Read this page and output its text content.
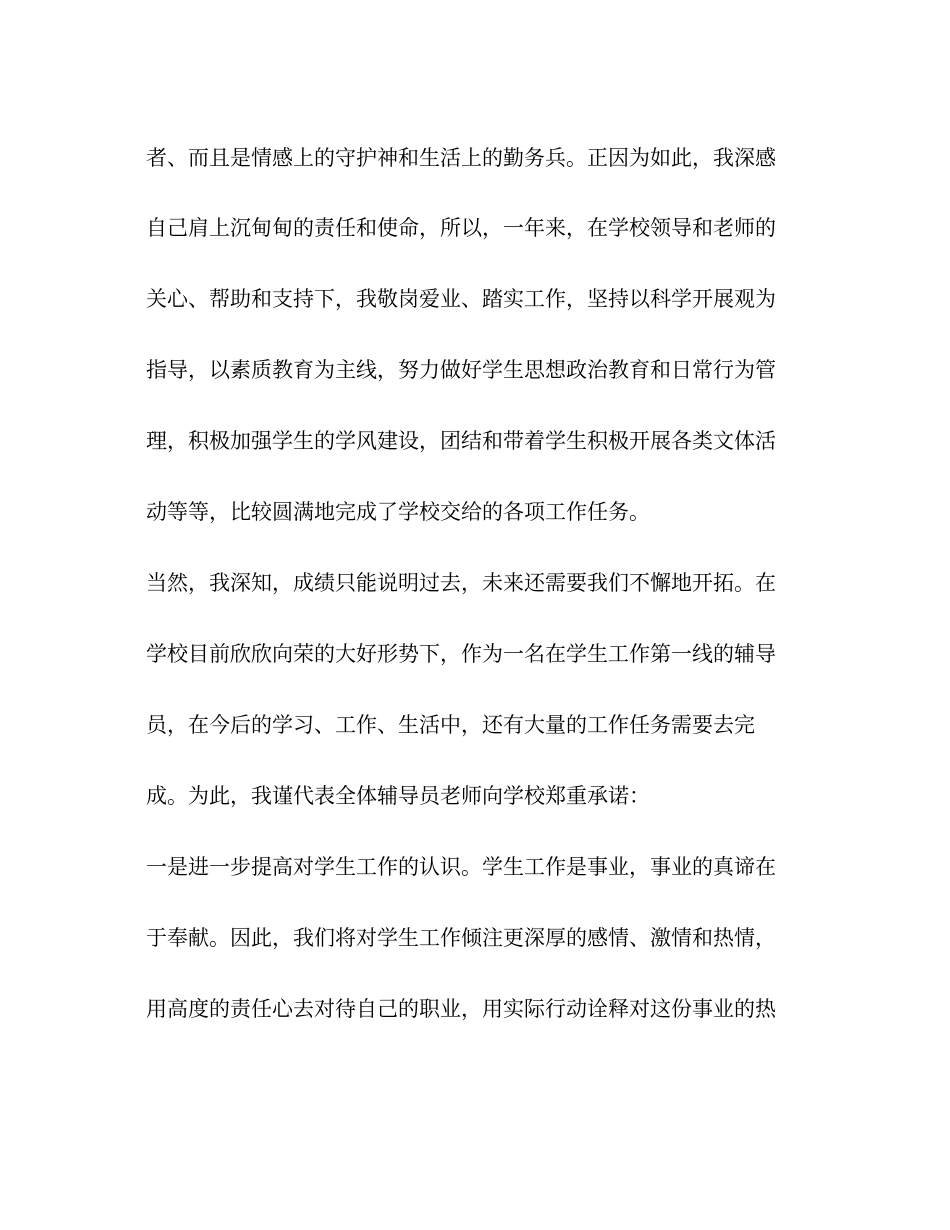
者、而且是情感上的守护神和生活上的勤务兵。正因为如此，我深感
自己肩上沉甸甸的责任和使命，所以，一年来，在学校领导和老师的
关心、帮助和支持下，我敬岗爱业、踏实工作，坚持以科学开展观为
指导，以素质教育为主线，努力做好学生思想政治教育和日常行为管
理，积极加强学生的学风建设，团结和带着学生积极开展各类文体活
动等等，比较圆满地完成了学校交给的各项工作任务。
当然，我深知，成绩只能说明过去，未来还需要我们不懈地开拓。在
学校目前欣欣向荣的大好形势下，作为一名在学生工作第一线的辅导
员，在今后的学习、工作、生活中，还有大量的工作任务需要去完
成。为此，我谨代表全体辅导员老师向学校郑重承诺：
一是进一步提高对学生工作的认识。学生工作是事业，事业的真谛在
于奉献。因此，我们将对学生工作倾注更深厚的感情、激情和热情，
用高度的责任心去对待自己的职业，用实际行动诠释对这份事业的热
